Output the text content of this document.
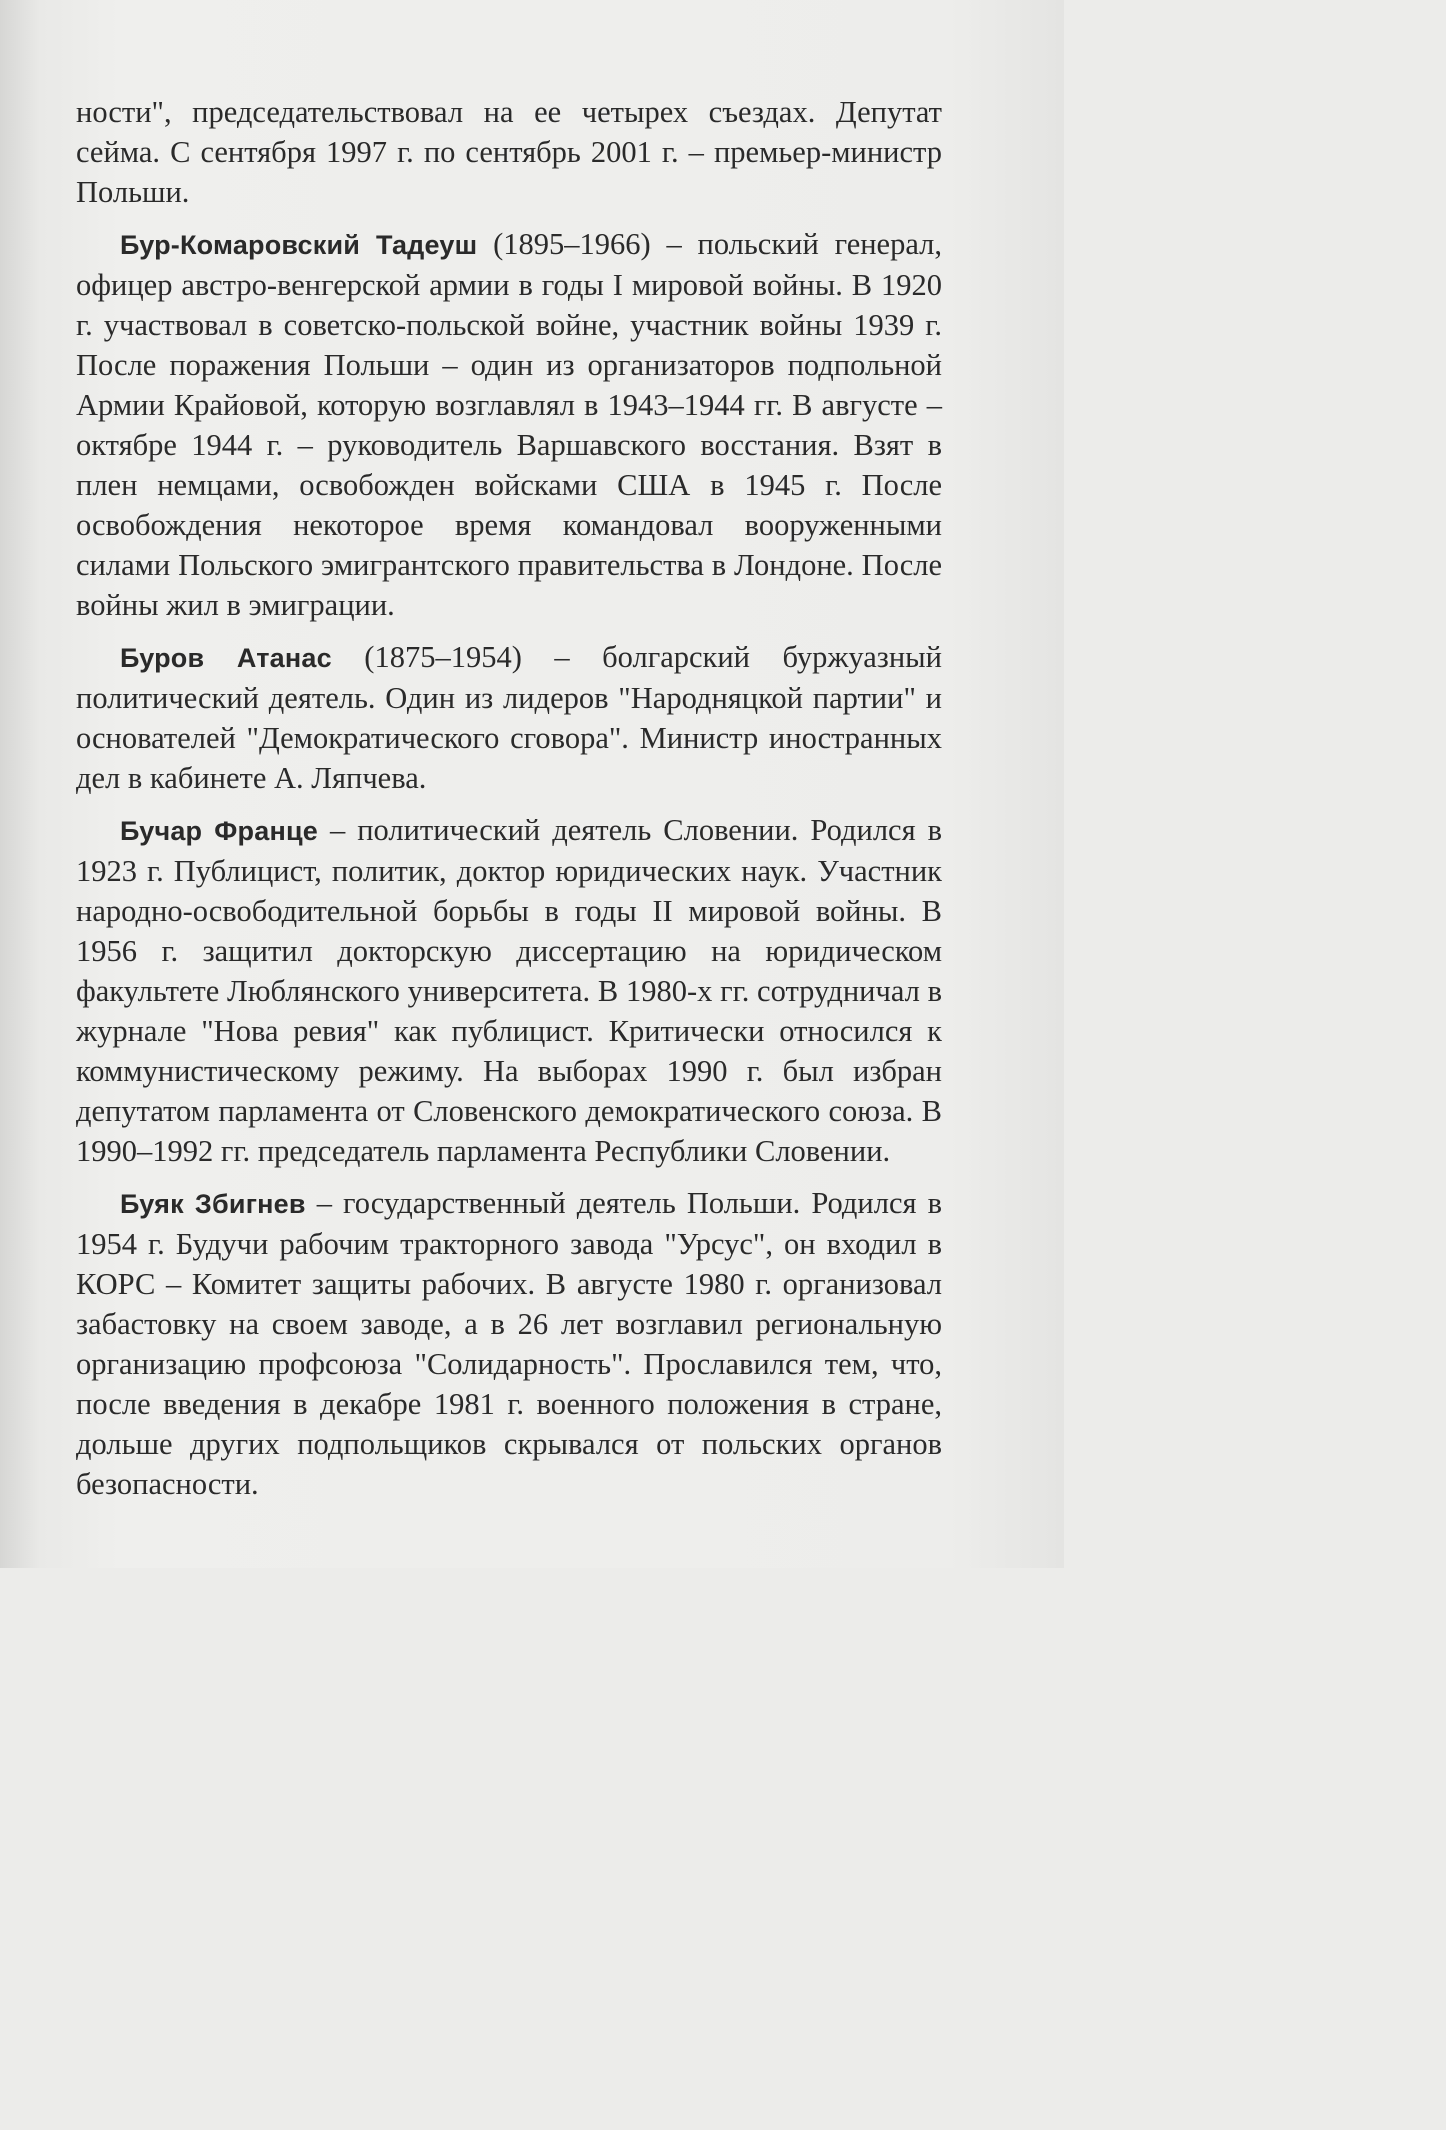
ности", председательствовал на ее четырех съездах. Депутат сейма. С сентября 1997 г. по сентябрь 2001 г. – премьер-министр Польши.

Бур-Комаровский Тадеуш (1895–1966) – польский генерал, офицер австро-венгерской армии в годы I мировой войны. В 1920 г. участвовал в советско-польской войне, участник войны 1939 г. После поражения Польши – один из организаторов подпольной Армии Крайовой, которую возглавлял в 1943–1944 гг. В августе – октябре 1944 г. – руководитель Варшавского восстания. Взят в плен немцами, освобожден войсками США в 1945 г. После освобождения некоторое время командовал вооруженными силами Польского эмигрантского правительства в Лондоне. После войны жил в эмиграции.

Буров Атанас (1875–1954) – болгарский буржуазный политический деятель. Один из лидеров "Народняцкой партии" и основателей "Демократического сговора". Министр иностранных дел в кабинете А. Ляпчева.

Бучар Франце – политический деятель Словении. Родился в 1923 г. Публицист, политик, доктор юридических наук. Участник народно-освободительной борьбы в годы II мировой войны. В 1956 г. защитил докторскую диссертацию на юридическом факультете Люблянского университета. В 1980-х гг. сотрудничал в журнале "Нова ревия" как публицист. Критически относился к коммунистическому режиму. На выборах 1990 г. был избран депутатом парламента от Словенского демократического союза. В 1990–1992 гг. председатель парламента Республики Словении.

Буяк Збигнев – государственный деятель Польши. Родился в 1954 г. Будучи рабочим тракторного завода "Урсус", он входил в КОРС – Комитет защиты рабочих. В августе 1980 г. организовал забастовку на своем заводе, а в 26 лет возглавил региональную организацию профсоюза "Солидарность". Прославился тем, что, после введения в декабре 1981 г. военного положения в стране, дольше других подпольщиков скрывался от польских органов безопасности.
